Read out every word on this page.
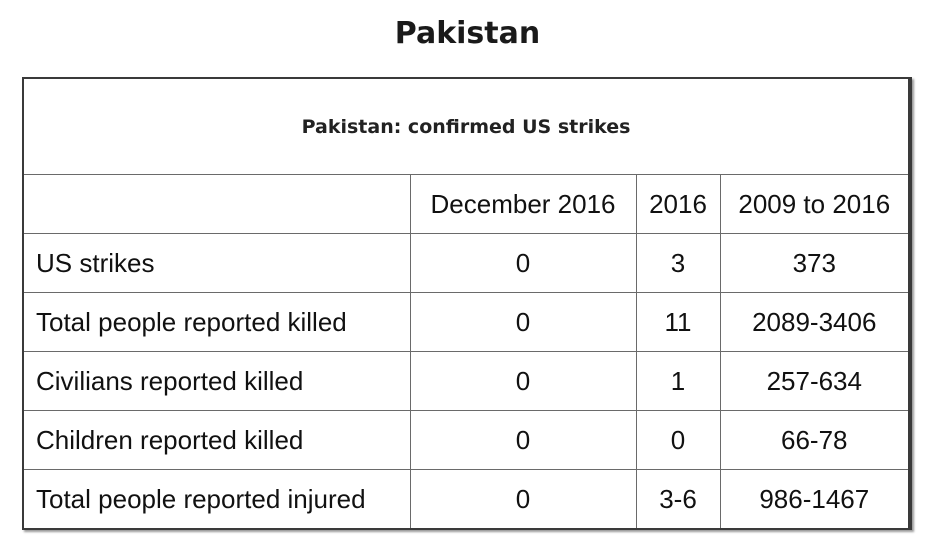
Pakistan
Pakistan: confirmed US strikes			
	December 2016	2016	2009 to 2016
US strikes	0	3	373
Total people reported killed	0	11	2089-3406
Civilians reported killed	0	1	257-634
Children reported killed	0	0	66-78
Total people reported injured	0	3-6	986-1467
